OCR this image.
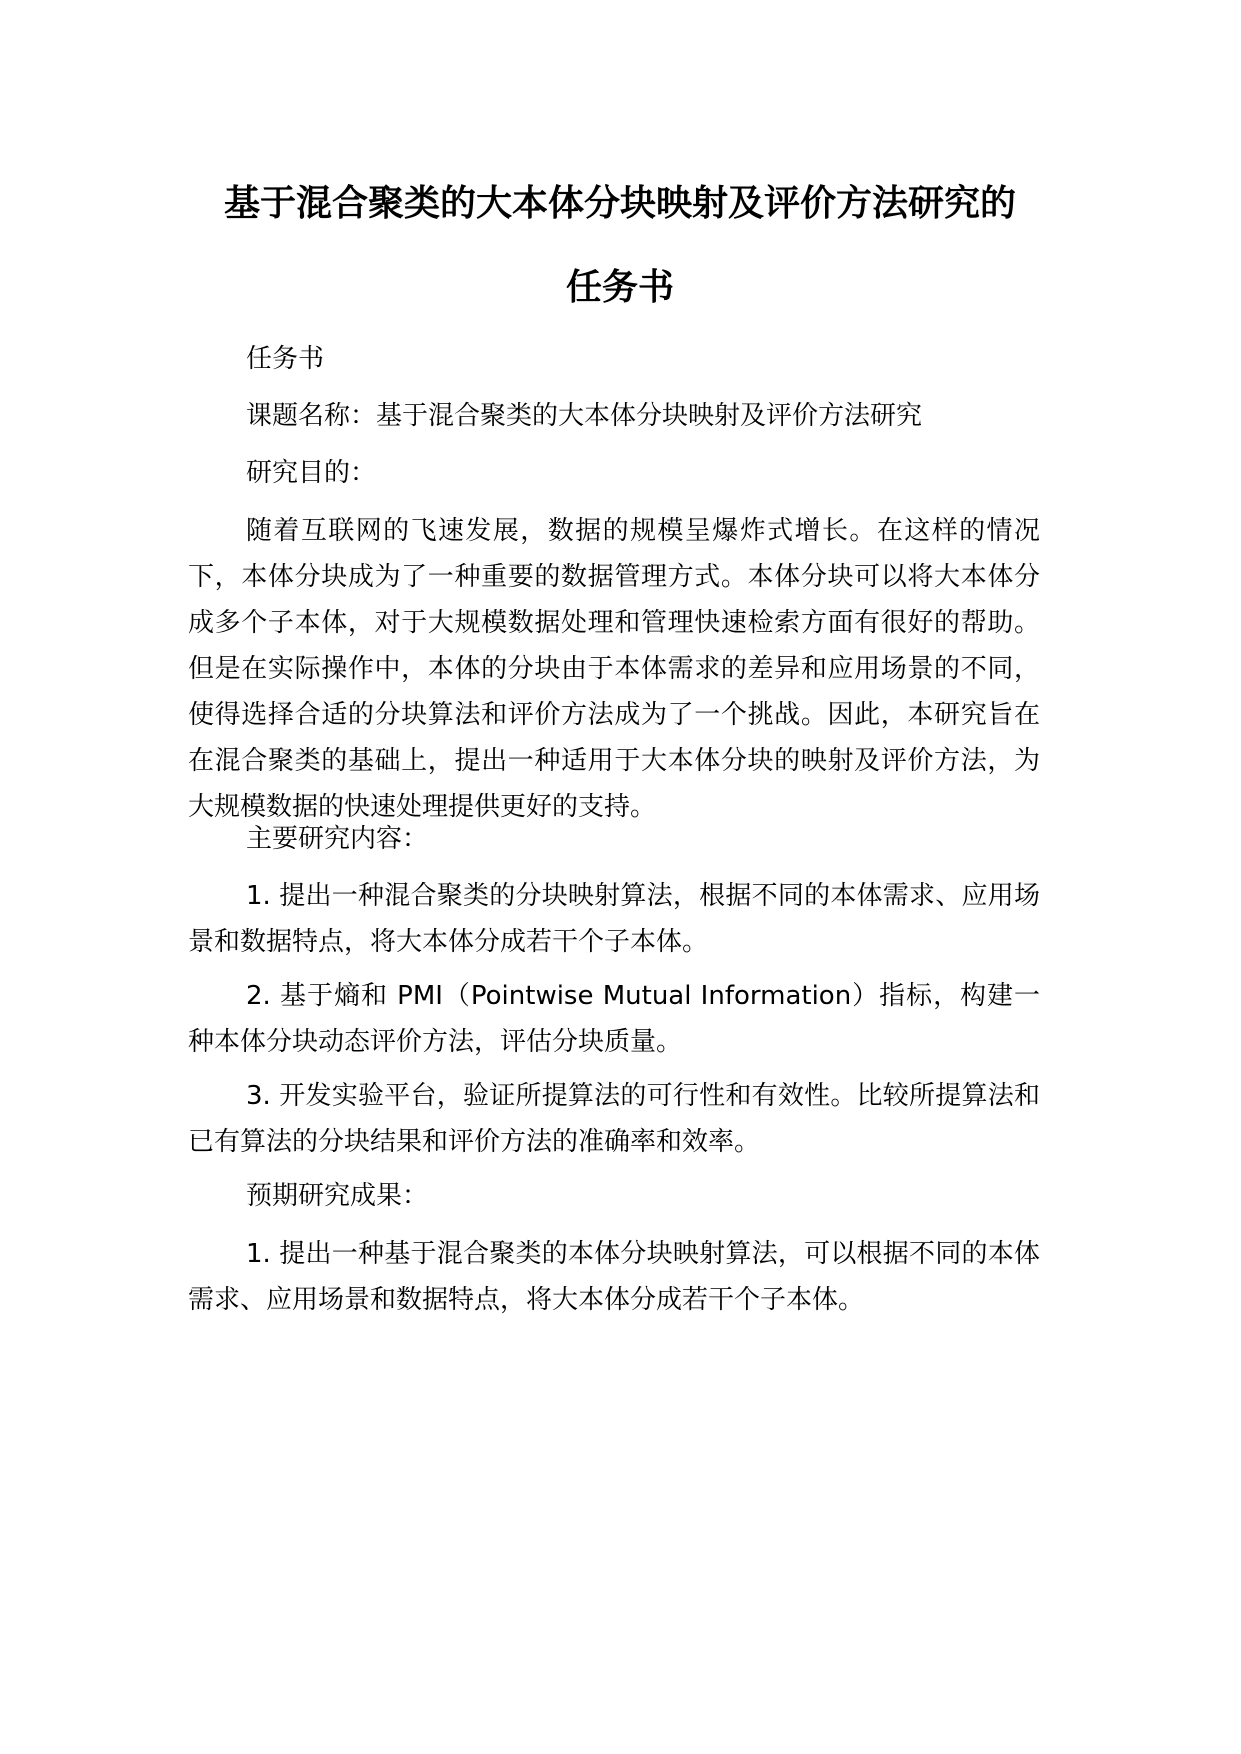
基于混合聚类的大本体分块映射及评价方法研究的
任务书

任务书

课题名称：基于混合聚类的大本体分块映射及评价方法研究

研究目的：

随着互联网的飞速发展，数据的规模呈爆炸式增长。在这样的情况下，本体分块成为了一种重要的数据管理方式。本体分块可以将大本体分成多个子本体，对于大规模数据处理和管理快速检索方面有很好的帮助。但是在实际操作中，本体的分块由于本体需求的差异和应用场景的不同，使得选择合适的分块算法和评价方法成为了一个挑战。因此，本研究旨在在混合聚类的基础上，提出一种适用于大本体分块的映射及评价方法，为大规模数据的快速处理提供更好的支持。

主要研究内容：

1. 提出一种混合聚类的分块映射算法，根据不同的本体需求、应用场景和数据特点，将大本体分成若干个子本体。

2. 基于熵和 PMI（Pointwise Mutual Information）指标，构建一种本体分块动态评价方法，评估分块质量。

3. 开发实验平台，验证所提算法的可行性和有效性。比较所提算法和已有算法的分块结果和评价方法的准确率和效率。

预期研究成果：

1. 提出一种基于混合聚类的本体分块映射算法，可以根据不同的本体需求、应用场景和数据特点，将大本体分成若干个子本体。
